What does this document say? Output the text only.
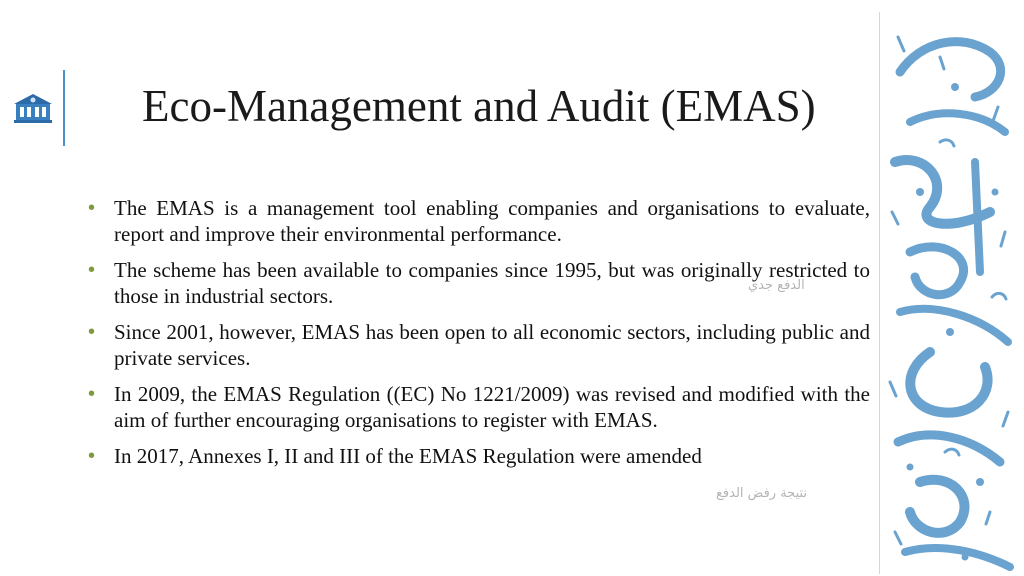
Eco-Management and Audit (EMAS)
• The EMAS is a management tool enabling companies and organisations to evaluate, report and improve their environmental performance.
• The scheme has been available to companies since 1995, but was originally restricted to those in industrial sectors.
• Since 2001, however, EMAS has been open to all economic sectors, including public and private services.
• In 2009, the EMAS Regulation ((EC) No 1221/2009) was revised and modified with the aim of further encouraging organisations to register with EMAS.
• In 2017, Annexes I, II and III of the EMAS Regulation were amended
الدفع جدي
نتيجة رفض الدفع
